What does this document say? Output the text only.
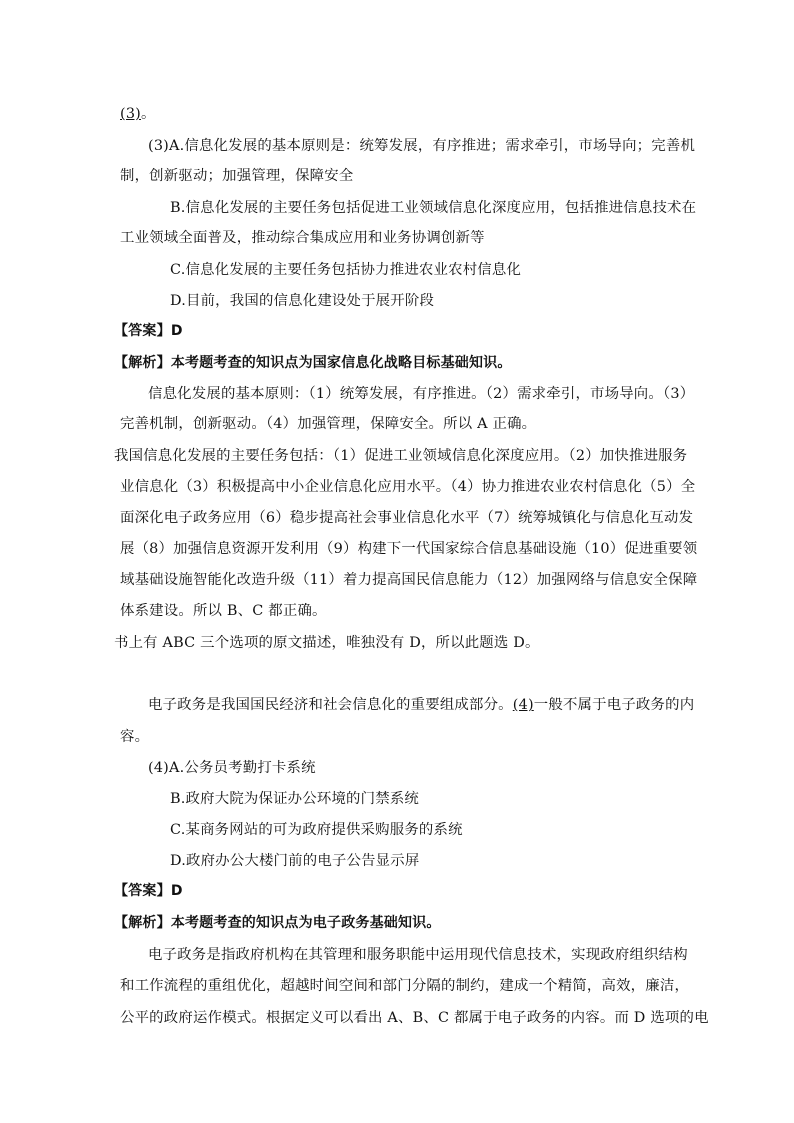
(3)。
(3)A.信息化发展的基本原则是：统筹发展，有序推进；需求牵引，市场导向；完善机
制，创新驱动；加强管理，保障安全
B.信息化发展的主要任务包括促进工业领域信息化深度应用，包括推进信息技术在
工业领域全面普及，推动综合集成应用和业务协调创新等
C.信息化发展的主要任务包括协力推进农业农村信息化
D.目前，我国的信息化建设处于展开阶段
【答案】D
【解析】本考题考查的知识点为国家信息化战略目标基础知识。
信息化发展的基本原则：（1）统筹发展，有序推进。（2）需求牵引，市场导向。（3）
完善机制，创新驱动。（4）加强管理，保障安全。所以 A 正确。
我国信息化发展的主要任务包括：（1）促进工业领域信息化深度应用。（2）加快推进服务
业信息化（3）积极提高中小企业信息化应用水平。（4）协力推进农业农村信息化（5）全
面深化电子政务应用（6）稳步提高社会事业信息化水平（7）统筹城镇化与信息化互动发
展（8）加强信息资源开发利用（9）构建下一代国家综合信息基础设施（10）促进重要领
域基础设施智能化改造升级（11）着力提高国民信息能力（12）加强网络与信息安全保障
体系建设。所以 B、C 都正确。
书上有 ABC 三个选项的原文描述，唯独没有 D，所以此题选 D。
电子政务是我国国民经济和社会信息化的重要组成部分。(4)一般不属于电子政务的内
容。
(4)A.公务员考勤打卡系统
B.政府大院为保证办公环境的门禁系统
C.某商务网站的可为政府提供采购服务的系统
D.政府办公大楼门前的电子公告显示屏
【答案】D
【解析】本考题考查的知识点为电子政务基础知识。
电子政务是指政府机构在其管理和服务职能中运用现代信息技术，实现政府组织结构
和工作流程的重组优化，超越时间空间和部门分隔的制约，建成一个精简，高效，廉洁，
公平的政府运作模式。根据定义可以看出 A、B、C 都属于电子政务的内容。而 D 选项的电
